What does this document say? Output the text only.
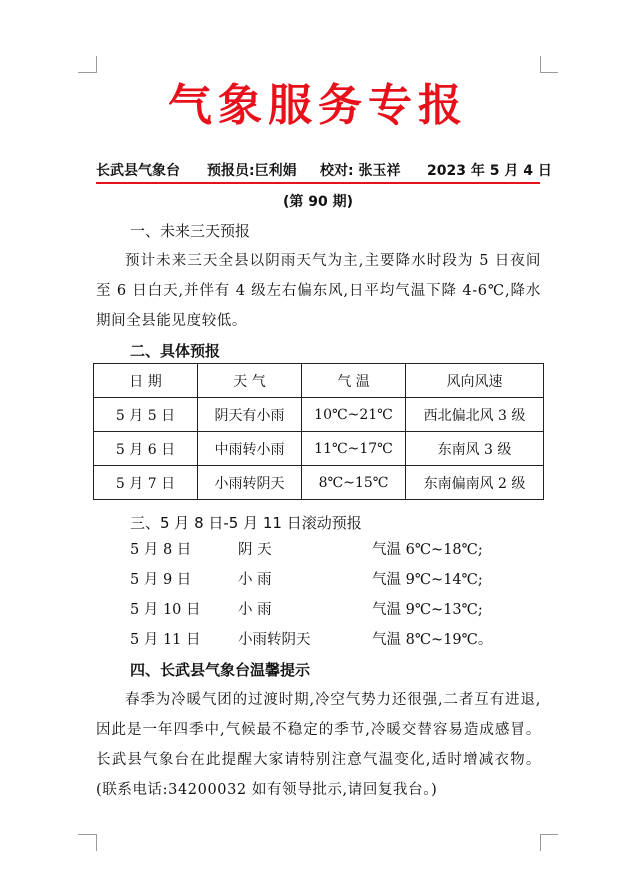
气象服务专报
长武县气象台 预报员:巨利娟 校对: 张玉祥 2023 年 5 月 4 日
(第 90 期)
一、未来三天预报
预计未来三天全县以阴雨天气为主,主要降水时段为 5 日夜间至 6 日白天,并伴有 4 级左右偏东风,日平均气温下降 4-6℃,降水期间全县能见度较低。
二、具体预报
日 期	天 气	气 温	风向风速
5 月 5 日	阴天有小雨	10℃~21℃	西北偏北风 3 级
5 月 6 日	中雨转小雨	11℃~17℃	东南风 3 级
5 月 7 日	小雨转阴天	8℃~15℃	东南偏南风 2 级
三、5 月 8 日-5 月 11 日滚动预报
5 月 8 日	阴 天	气温 6℃~18℃;
5 月 9 日	小 雨	气温 9℃~14℃;
5 月 10 日	小 雨	气温 9℃~13℃;
5 月 11 日	小雨转阴天	气温 8℃~19℃。
四、长武县气象台温馨提示
春季为冷暖气团的过渡时期,冷空气势力还很强,二者互有进退,因此是一年四季中,气候最不稳定的季节,冷暖交替容易造成感冒。长武县气象台在此提醒大家请特别注意气温变化,适时增减衣物。(联系电话:34200032 如有领导批示,请回复我台。)
